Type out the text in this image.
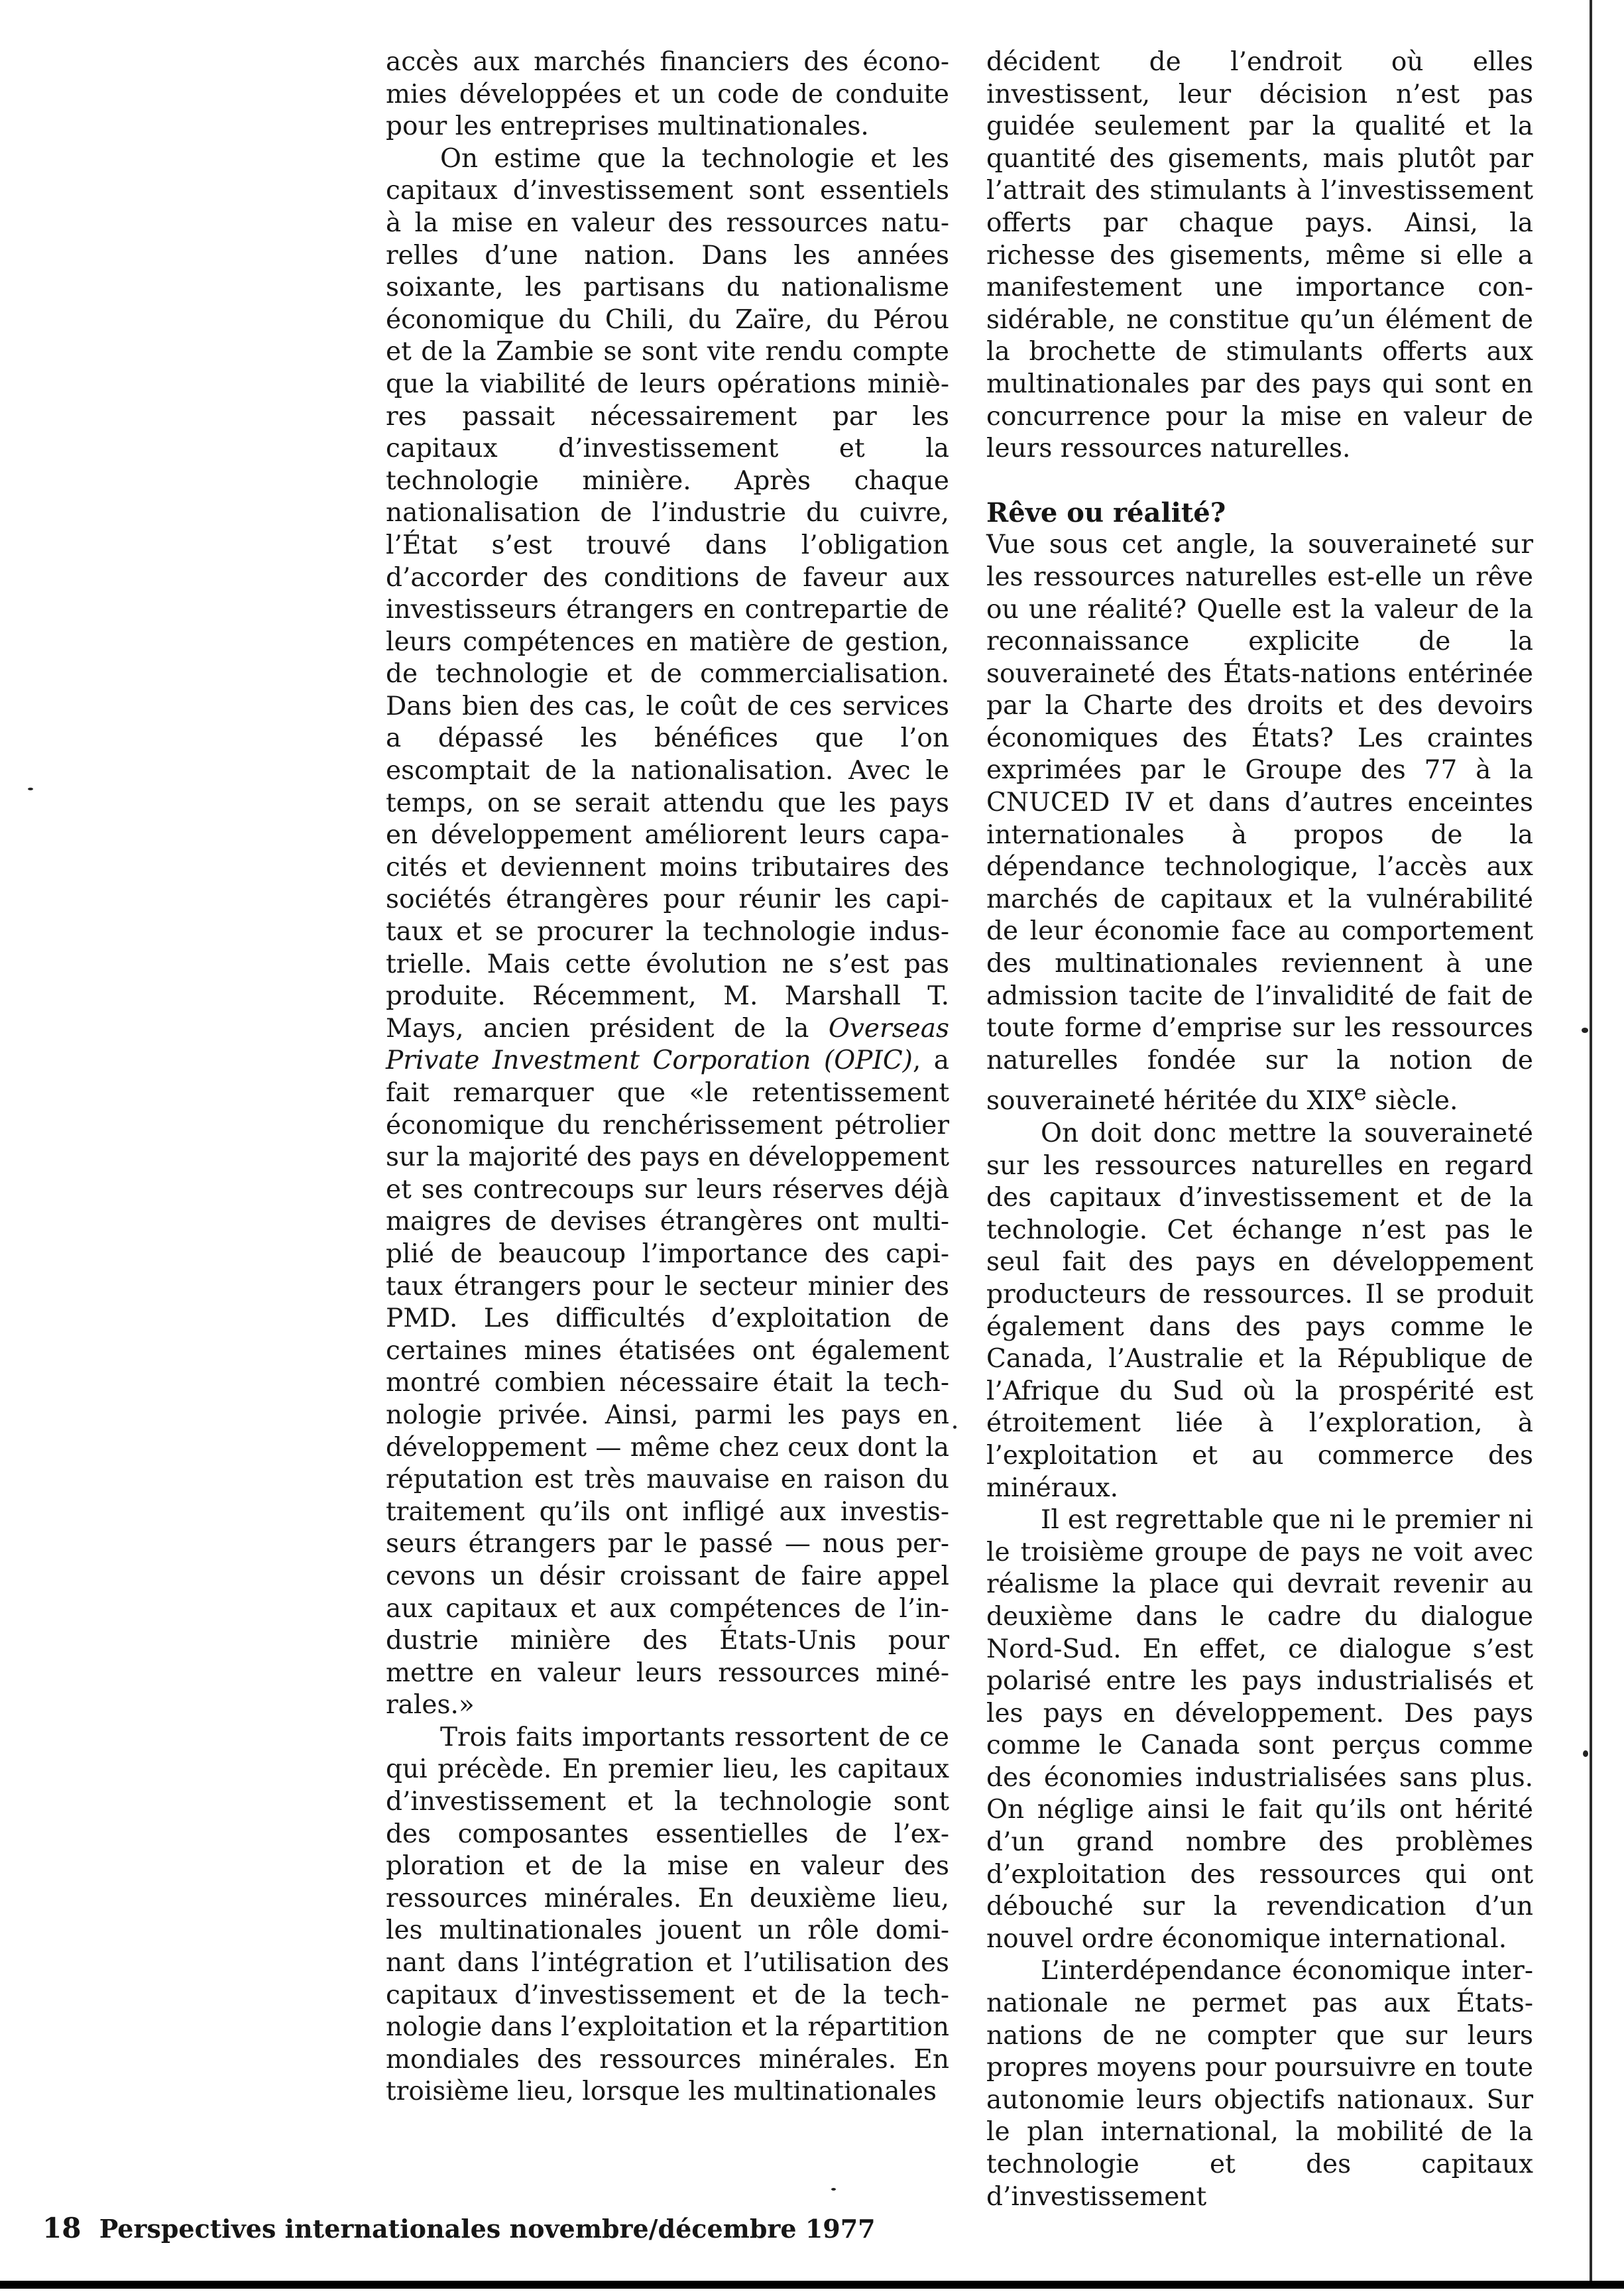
accès aux marchés financiers des économies développées et un code de conduite pour les entreprises multinationales.

On estime que la technologie et les capitaux d’investissement sont essentiels à la mise en valeur des ressources naturelles d’une nation. Dans les années soixante, les partisans du nationalisme économique du Chili, du Zaïre, du Pérou et de la Zambie se sont vite rendu compte que la viabilité de leurs opérations minières passait nécessairement par les capitaux d’investissement et la technologie minière. Après chaque nationalisation de l’industrie du cuivre, l’État s’est trouvé dans l’obligation d’accorder des conditions de faveur aux investisseurs étrangers en contrepartie de leurs compétences en matière de gestion, de technologie et de commercialisation. Dans bien des cas, le coût de ces services a dépassé les bénéfices que l’on escomptait de la nationalisation. Avec le temps, on se serait attendu que les pays en développement améliorent leurs capacités et deviennent moins tributaires des sociétés étrangères pour réunir les capitaux et se procurer la technologie industrielle. Mais cette évolution ne s’est pas produite. Récemment, M. Marshall T. Mays, ancien président de la Overseas Private Investment Corporation (OPIC), a fait remarquer que «le retentissement économique du renchérissement pétrolier sur la majorité des pays en développement et ses contrecoups sur leurs réserves déjà maigres de devises étrangères ont multiplié de beaucoup l’importance des capitaux étrangers pour le secteur minier des PMD. Les difficultés d’exploitation de certaines mines étatisées ont également montré combien nécessaire était la technologie privée. Ainsi, parmi les pays en développement — même chez ceux dont la réputation est très mauvaise en raison du traitement qu’ils ont infligé aux investisseurs étrangers par le passé — nous percevons un désir croissant de faire appel aux capitaux et aux compétences de l’industrie minière des États-Unis pour mettre en valeur leurs ressources minérales.»

Trois faits importants ressortent de ce qui précède. En premier lieu, les capitaux d’investissement et la technologie sont des composantes essentielles de l’exploration et de la mise en valeur des ressources minérales. En deuxième lieu, les multinationales jouent un rôle dominant dans l’intégration et l’utilisation des capitaux d’investissement et de la technologie dans l’exploitation et la répartition mondiales des ressources minérales. En troisième lieu, lorsque les multinationales

décident de l’endroit où elles investissent, leur décision n’est pas guidée seulement par la qualité et la quantité des gisements, mais plutôt par l’attrait des stimulants à l’investissement offerts par chaque pays. Ainsi, la richesse des gisements, même si elle a manifestement une importance considérable, ne constitue qu’un élément de la brochette de stimulants offerts aux multinationales par des pays qui sont en concurrence pour la mise en valeur de leurs ressources naturelles.

Rêve ou réalité?

Vue sous cet angle, la souveraineté sur les ressources naturelles est-elle un rêve ou une réalité? Quelle est la valeur de la reconnaissance explicite de la souveraineté des États-nations entérinée par la Charte des droits et des devoirs économiques des États? Les craintes exprimées par le Groupe des 77 à la CNUCED IV et dans d’autres enceintes internationales à propos de la dépendance technologique, l’accès aux marchés de capitaux et la vulnérabilité de leur économie face au comportement des multinationales reviennent à une admission tacite de l’invalidité de fait de toute forme d’emprise sur les ressources naturelles fondée sur la notion de souveraineté héritée du XIXe siècle.

On doit donc mettre la souveraineté sur les ressources naturelles en regard des capitaux d’investissement et de la technologie. Cet échange n’est pas le seul fait des pays en développement producteurs de ressources. Il se produit également dans des pays comme le Canada, l’Australie et la République de l’Afrique du Sud où la prospérité est étroitement liée à l’exploration, à l’exploitation et au commerce des minéraux.

Il est regrettable que ni le premier ni le troisième groupe de pays ne voit avec réalisme la place qui devrait revenir au deuxième dans le cadre du dialogue Nord-Sud. En effet, ce dialogue s’est polarisé entre les pays industrialisés et les pays en développement. Des pays comme le Canada sont perçus comme des économies industrialisées sans plus. On néglige ainsi le fait qu’ils ont hérité d’un grand nombre des problèmes d’exploitation des ressources qui ont débouché sur la revendication d’un nouvel ordre économique international.

L’interdépendance économique internationale ne permet pas aux États-nations de ne compter que sur leurs propres moyens pour poursuivre en toute autonomie leurs objectifs nationaux. Sur le plan international, la mobilité de la technologie et des capitaux d’investissement

18 Perspectives internationales novembre/décembre 1977
